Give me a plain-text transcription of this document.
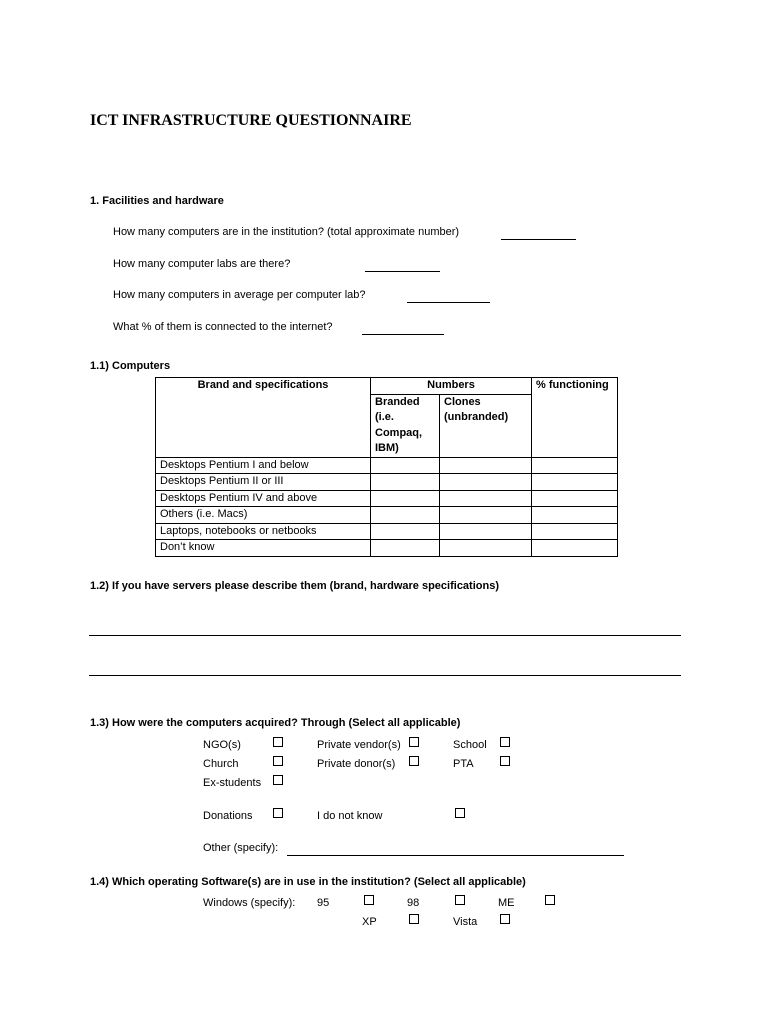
ICT INFRASTRUCTURE QUESTIONNAIRE
1. Facilities and hardware
How many computers are in the institution? (total approximate number)
How many computer labs are there?
How many computers in average per computer lab?
What % of them is connected to the internet?
1.1) Computers
Brand and specifications	Numbers		% functioning
	Branded (i.e. Compaq, IBM)	Clones (unbranded)	
Desktops Pentium I and below			
Desktops Pentium II or III			
Desktops Pentium IV and above			
Others (i.e. Macs)			
Laptops, notebooks or netbooks			
Don’t know			
1.2) If you have servers please describe them (brand, hardware specifications)
1.3) How were the computers acquired? Through (Select all applicable)
NGO(s)	Private vendor(s)	School
Church	Private donor(s)	PTA
Ex-students
Donations	I do not know
Other (specify):
1.4) Which operating Software(s) are in use in the institution? (Select all applicable)
Windows (specify): 95	98	ME
XP	Vista
